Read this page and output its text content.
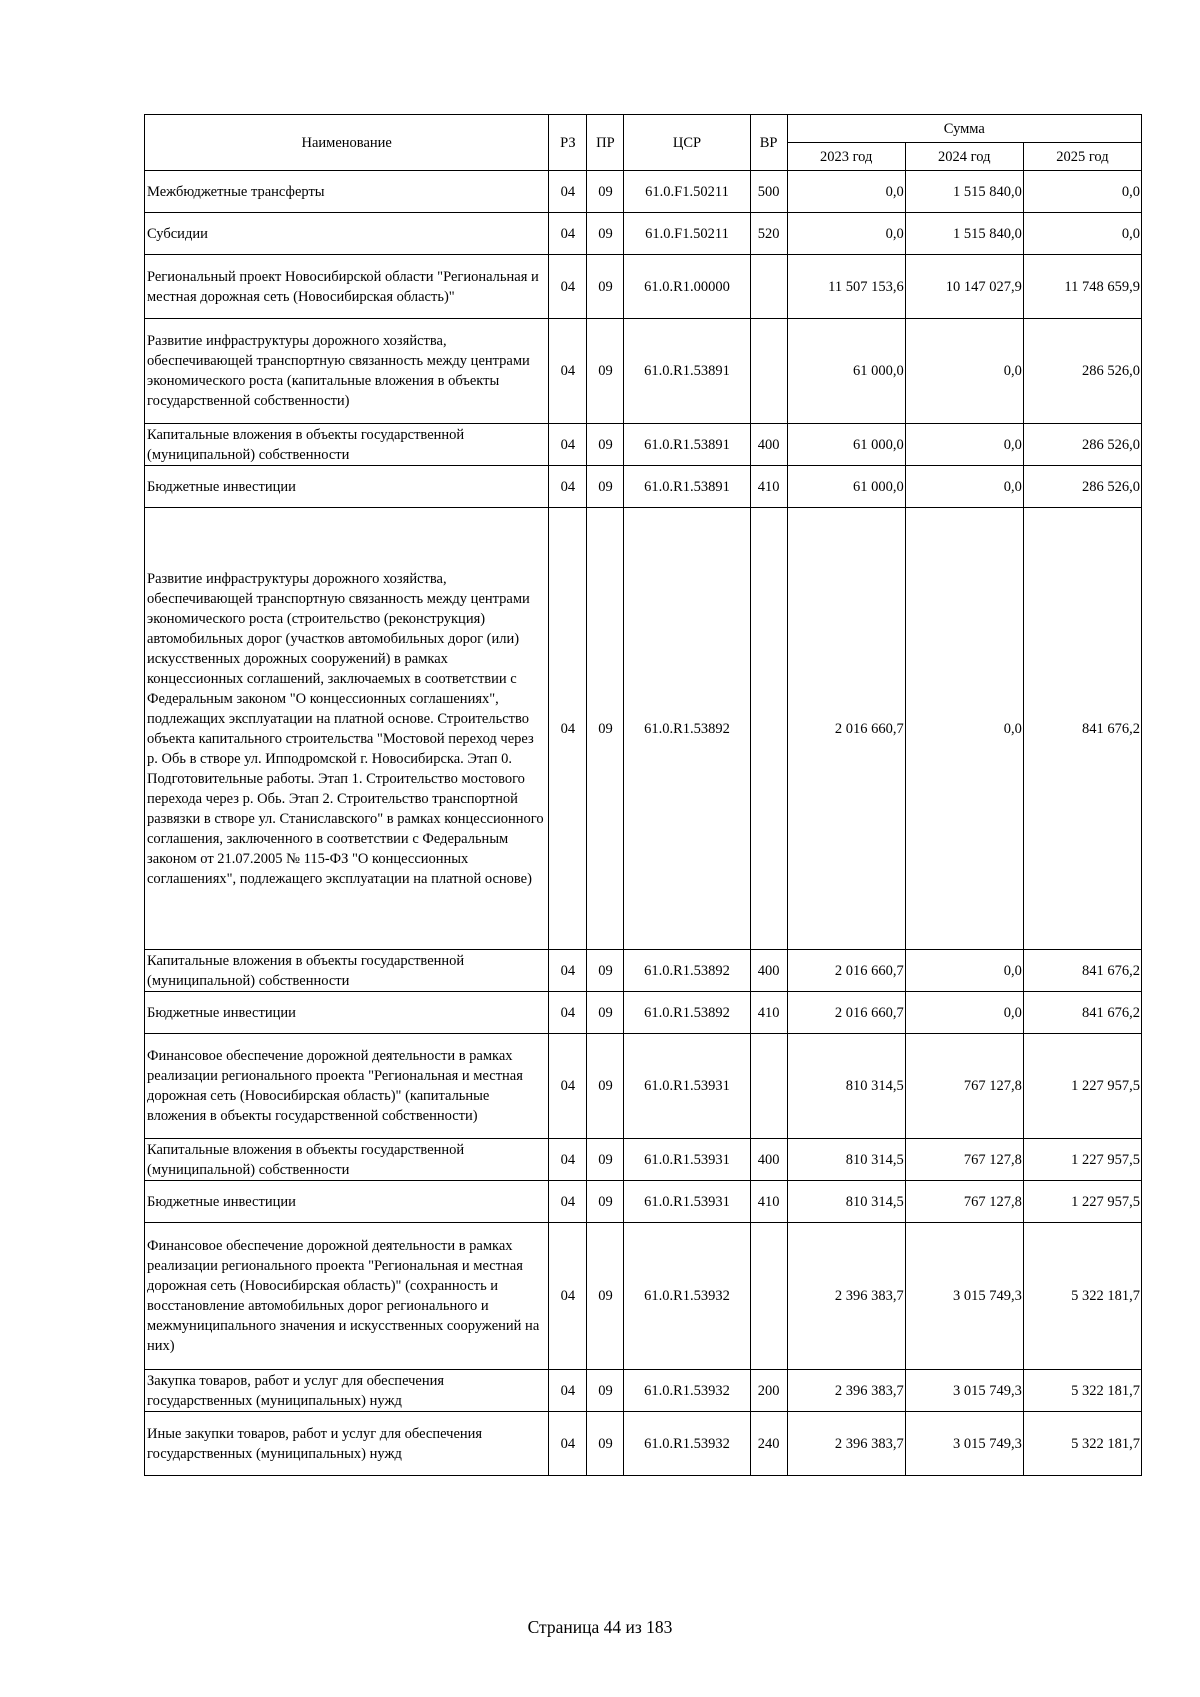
Наименование	РЗ	ПР	ЦСР	ВР	Сумма		
					2023 год	2024 год	2025 год
Межбюджетные трансферты	04	09	61.0.F1.50211	500	0,0	1 515 840,0	0,0
Субсидии	04	09	61.0.F1.50211	520	0,0	1 515 840,0	0,0
Региональный проект Новосибирской области "Региональная и местная дорожная сеть (Новосибирская область)"	04	09	61.0.R1.00000		11 507 153,6	10 147 027,9	11 748 659,9
Развитие инфраструктуры дорожного хозяйства, обеспечивающей транспортную связанность между центрами экономического роста (капитальные вложения в объекты государственной собственности)	04	09	61.0.R1.53891		61 000,0	0,0	286 526,0
Капитальные вложения в объекты государственной (муниципальной) собственности	04	09	61.0.R1.53891	400	61 000,0	0,0	286 526,0
Бюджетные инвестиции	04	09	61.0.R1.53891	410	61 000,0	0,0	286 526,0
Развитие инфраструктуры дорожного хозяйства, обеспечивающей транспортную связанность между центрами экономического роста (строительство (реконструкция) автомобильных дорог (участков автомобильных дорог (или) искусственных дорожных сооружений) в рамках концессионных соглашений, заключаемых в соответствии с Федеральным законом "О концессионных соглашениях", подлежащих эксплуатации на платной основе. Строительство объекта капитального строительства "Мостовой переход через р. Обь в створе ул. Ипподромской г. Новосибирска. Этап 0. Подготовительные работы. Этап 1. Строительство мостового перехода через р. Обь. Этап 2. Строительство транспортной развязки в створе ул. Станиславского" в рамках концессионного соглашения, заключенного в соответствии с Федеральным законом от 21.07.2005 № 115-ФЗ "О концессионных соглашениях", подлежащего эксплуатации на платной основе)	04	09	61.0.R1.53892		2 016 660,7	0,0	841 676,2
Капитальные вложения в объекты государственной (муниципальной) собственности	04	09	61.0.R1.53892	400	2 016 660,7	0,0	841 676,2
Бюджетные инвестиции	04	09	61.0.R1.53892	410	2 016 660,7	0,0	841 676,2
Финансовое обеспечение дорожной деятельности в рамках реализации регионального проекта "Региональная и местная дорожная сеть (Новосибирская область)" (капитальные вложения в объекты государственной собственности)	04	09	61.0.R1.53931		810 314,5	767 127,8	1 227 957,5
Капитальные вложения в объекты государственной (муниципальной) собственности	04	09	61.0.R1.53931	400	810 314,5	767 127,8	1 227 957,5
Бюджетные инвестиции	04	09	61.0.R1.53931	410	810 314,5	767 127,8	1 227 957,5
Финансовое обеспечение дорожной деятельности в рамках реализации регионального проекта "Региональная и местная дорожная сеть (Новосибирская область)" (сохранность и восстановление автомобильных дорог регионального и межмуниципального значения и искусственных сооружений на них)	04	09	61.0.R1.53932		2 396 383,7	3 015 749,3	5 322 181,7
Закупка товаров, работ и услуг для обеспечения государственных (муниципальных) нужд	04	09	61.0.R1.53932	200	2 396 383,7	3 015 749,3	5 322 181,7
Иные закупки товаров, работ и услуг для обеспечения государственных (муниципальных) нужд	04	09	61.0.R1.53932	240	2 396 383,7	3 015 749,3	5 322 181,7
Страница 44 из 183
